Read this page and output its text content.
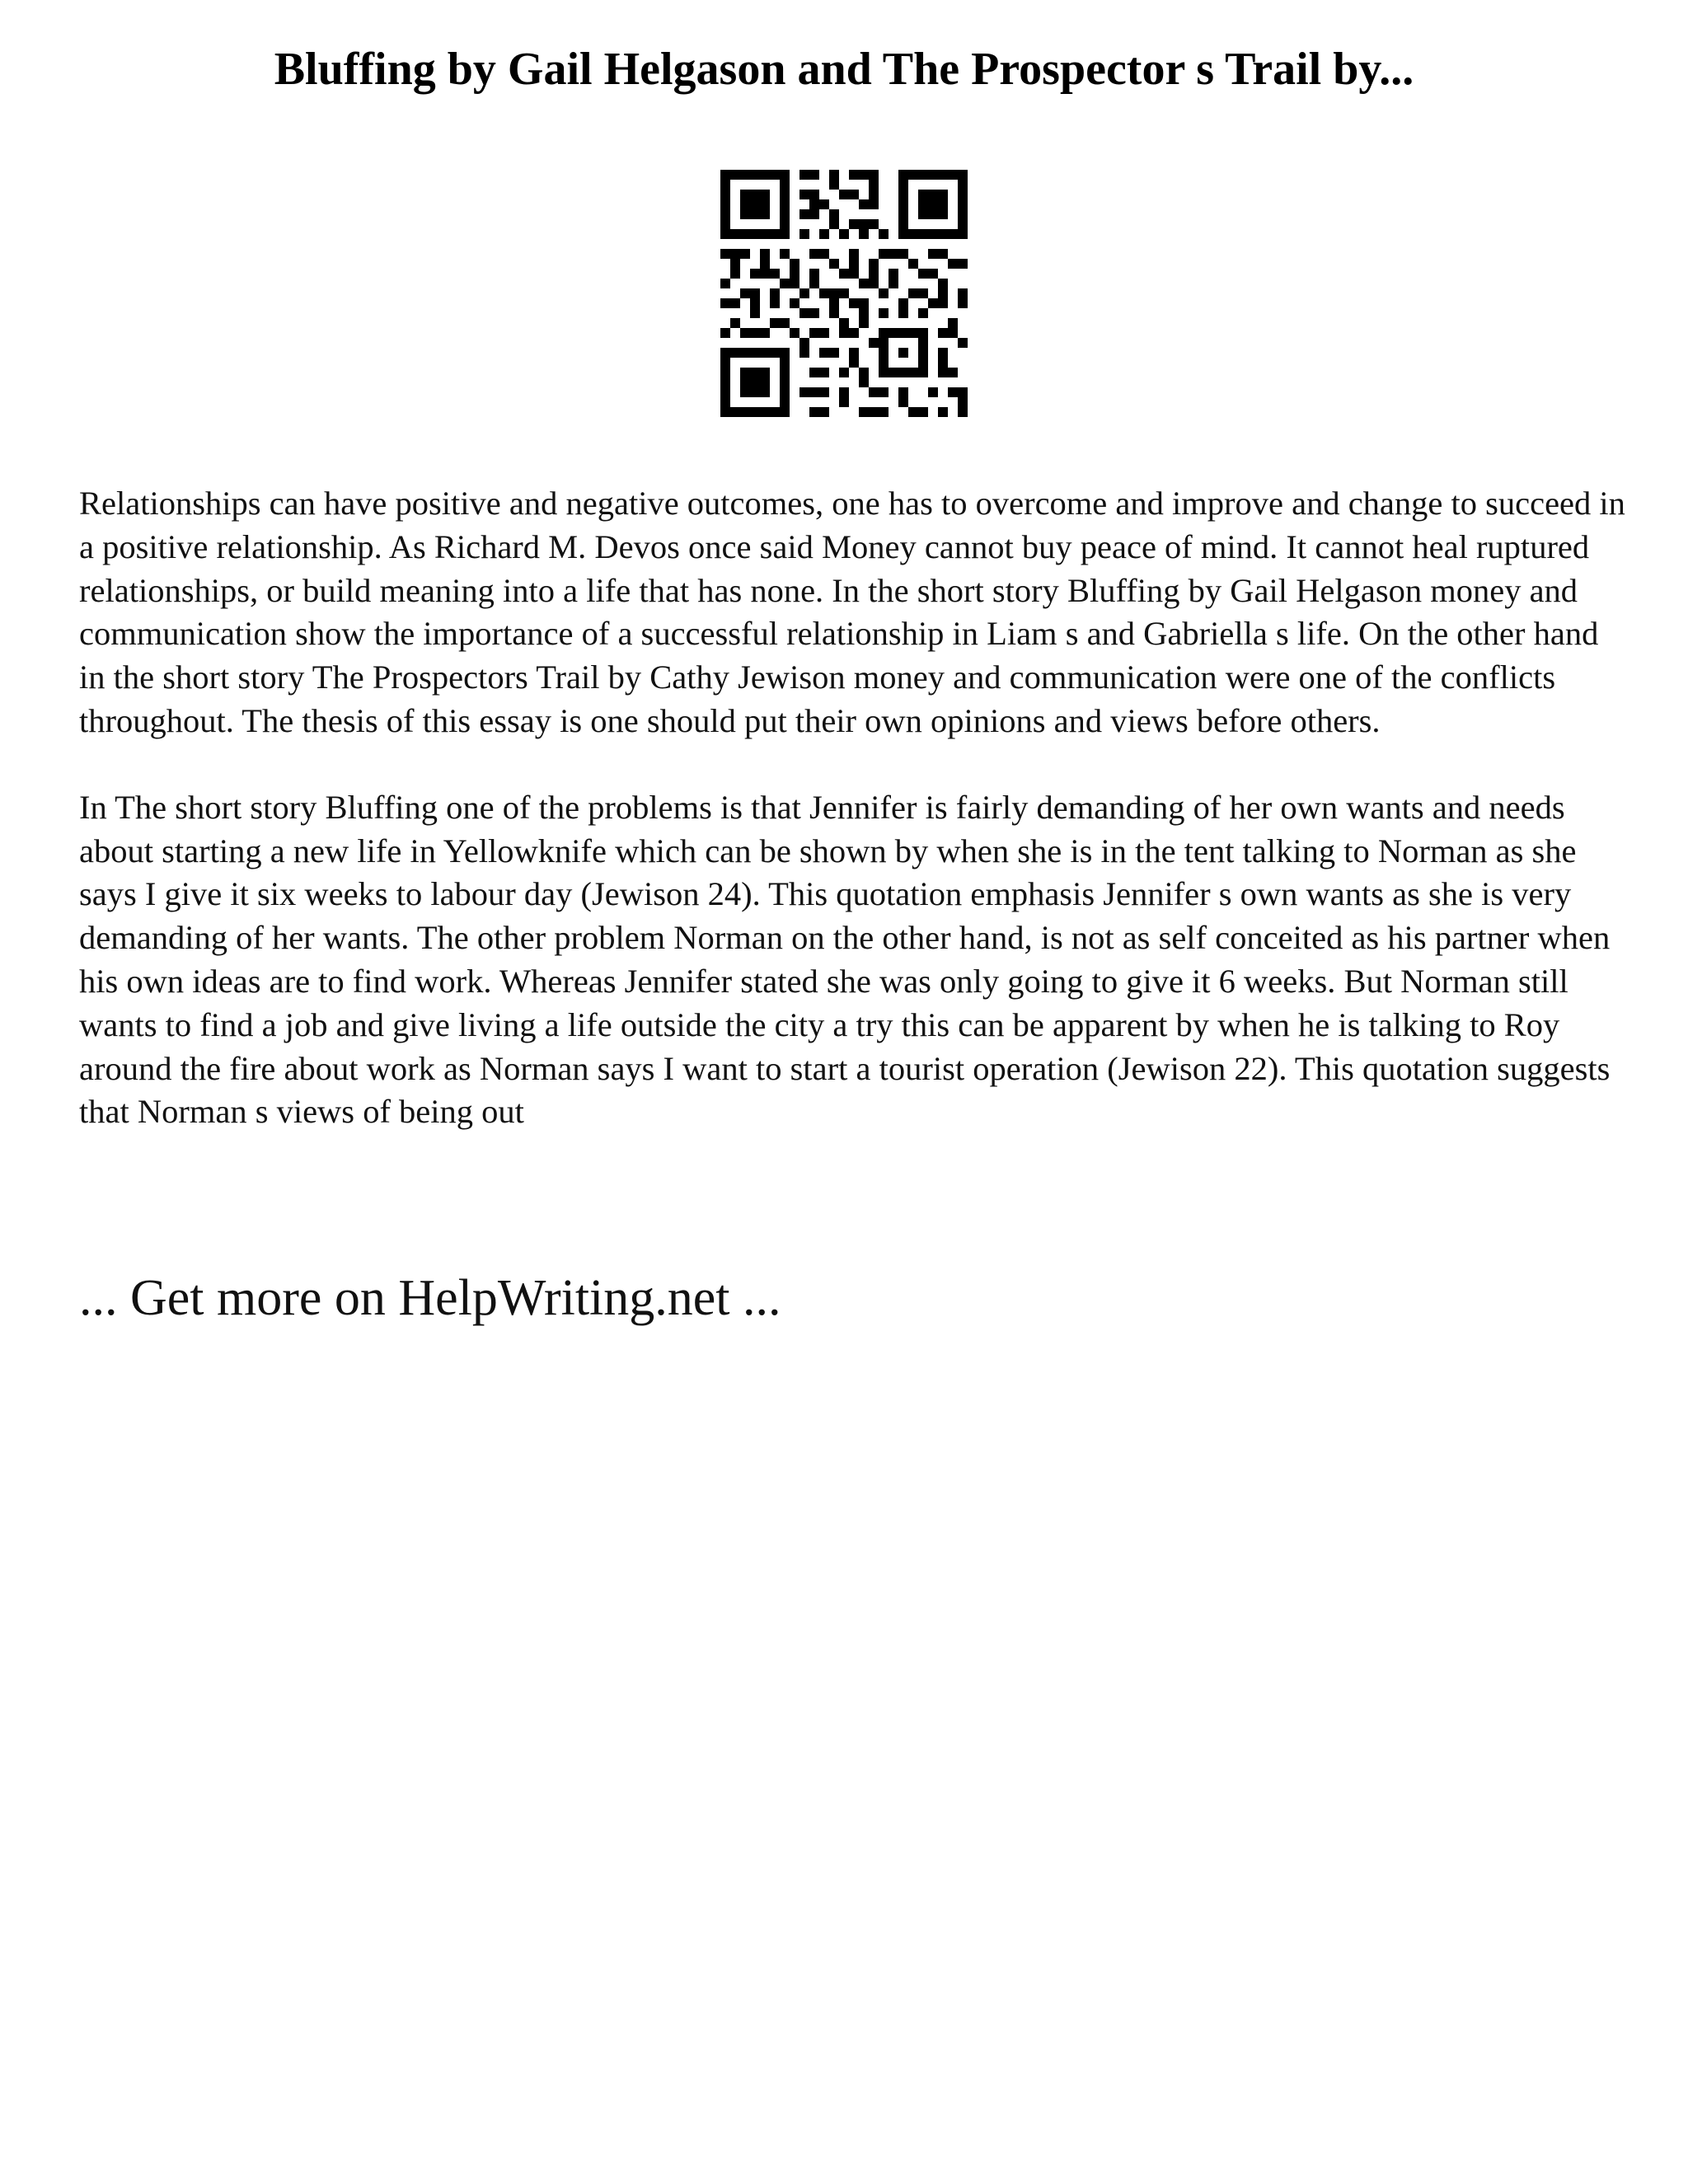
Bluffing by Gail Helgason and The Prospector s Trail by...

Relationships can have positive and negative outcomes, one has to overcome and improve and change to succeed in a positive relationship. As Richard M. Devos once said Money cannot buy peace of mind. It cannot heal ruptured relationships, or build meaning into a life that has none. In the short story Bluffing by Gail Helgason money and communication show the importance of a successful relationship in Liam s and Gabriella s life. On the other hand in the short story The Prospectors Trail by Cathy Jewison money and communication were one of the conflicts throughout. The thesis of this essay is one should put their own opinions and views before others.

In The short story Bluffing one of the problems is that Jennifer is fairly demanding of her own wants and needs about starting a new life in Yellowknife which can be shown by when she is in the tent talking to Norman as she says I give it six weeks to labour day (Jewison 24). This quotation emphasis Jennifer s own wants as she is very demanding of her wants. The other problem Norman on the other hand, is not as self conceited as his partner when his own ideas are to find work. Whereas Jennifer stated she was only going to give it 6 weeks. But Norman still wants to find a job and give living a life outside the city a try this can be apparent by when he is talking to Roy around the fire about work as Norman says I want to start a tourist operation (Jewison 22). This quotation suggests that Norman s views of being out

... Get more on HelpWriting.net ...
